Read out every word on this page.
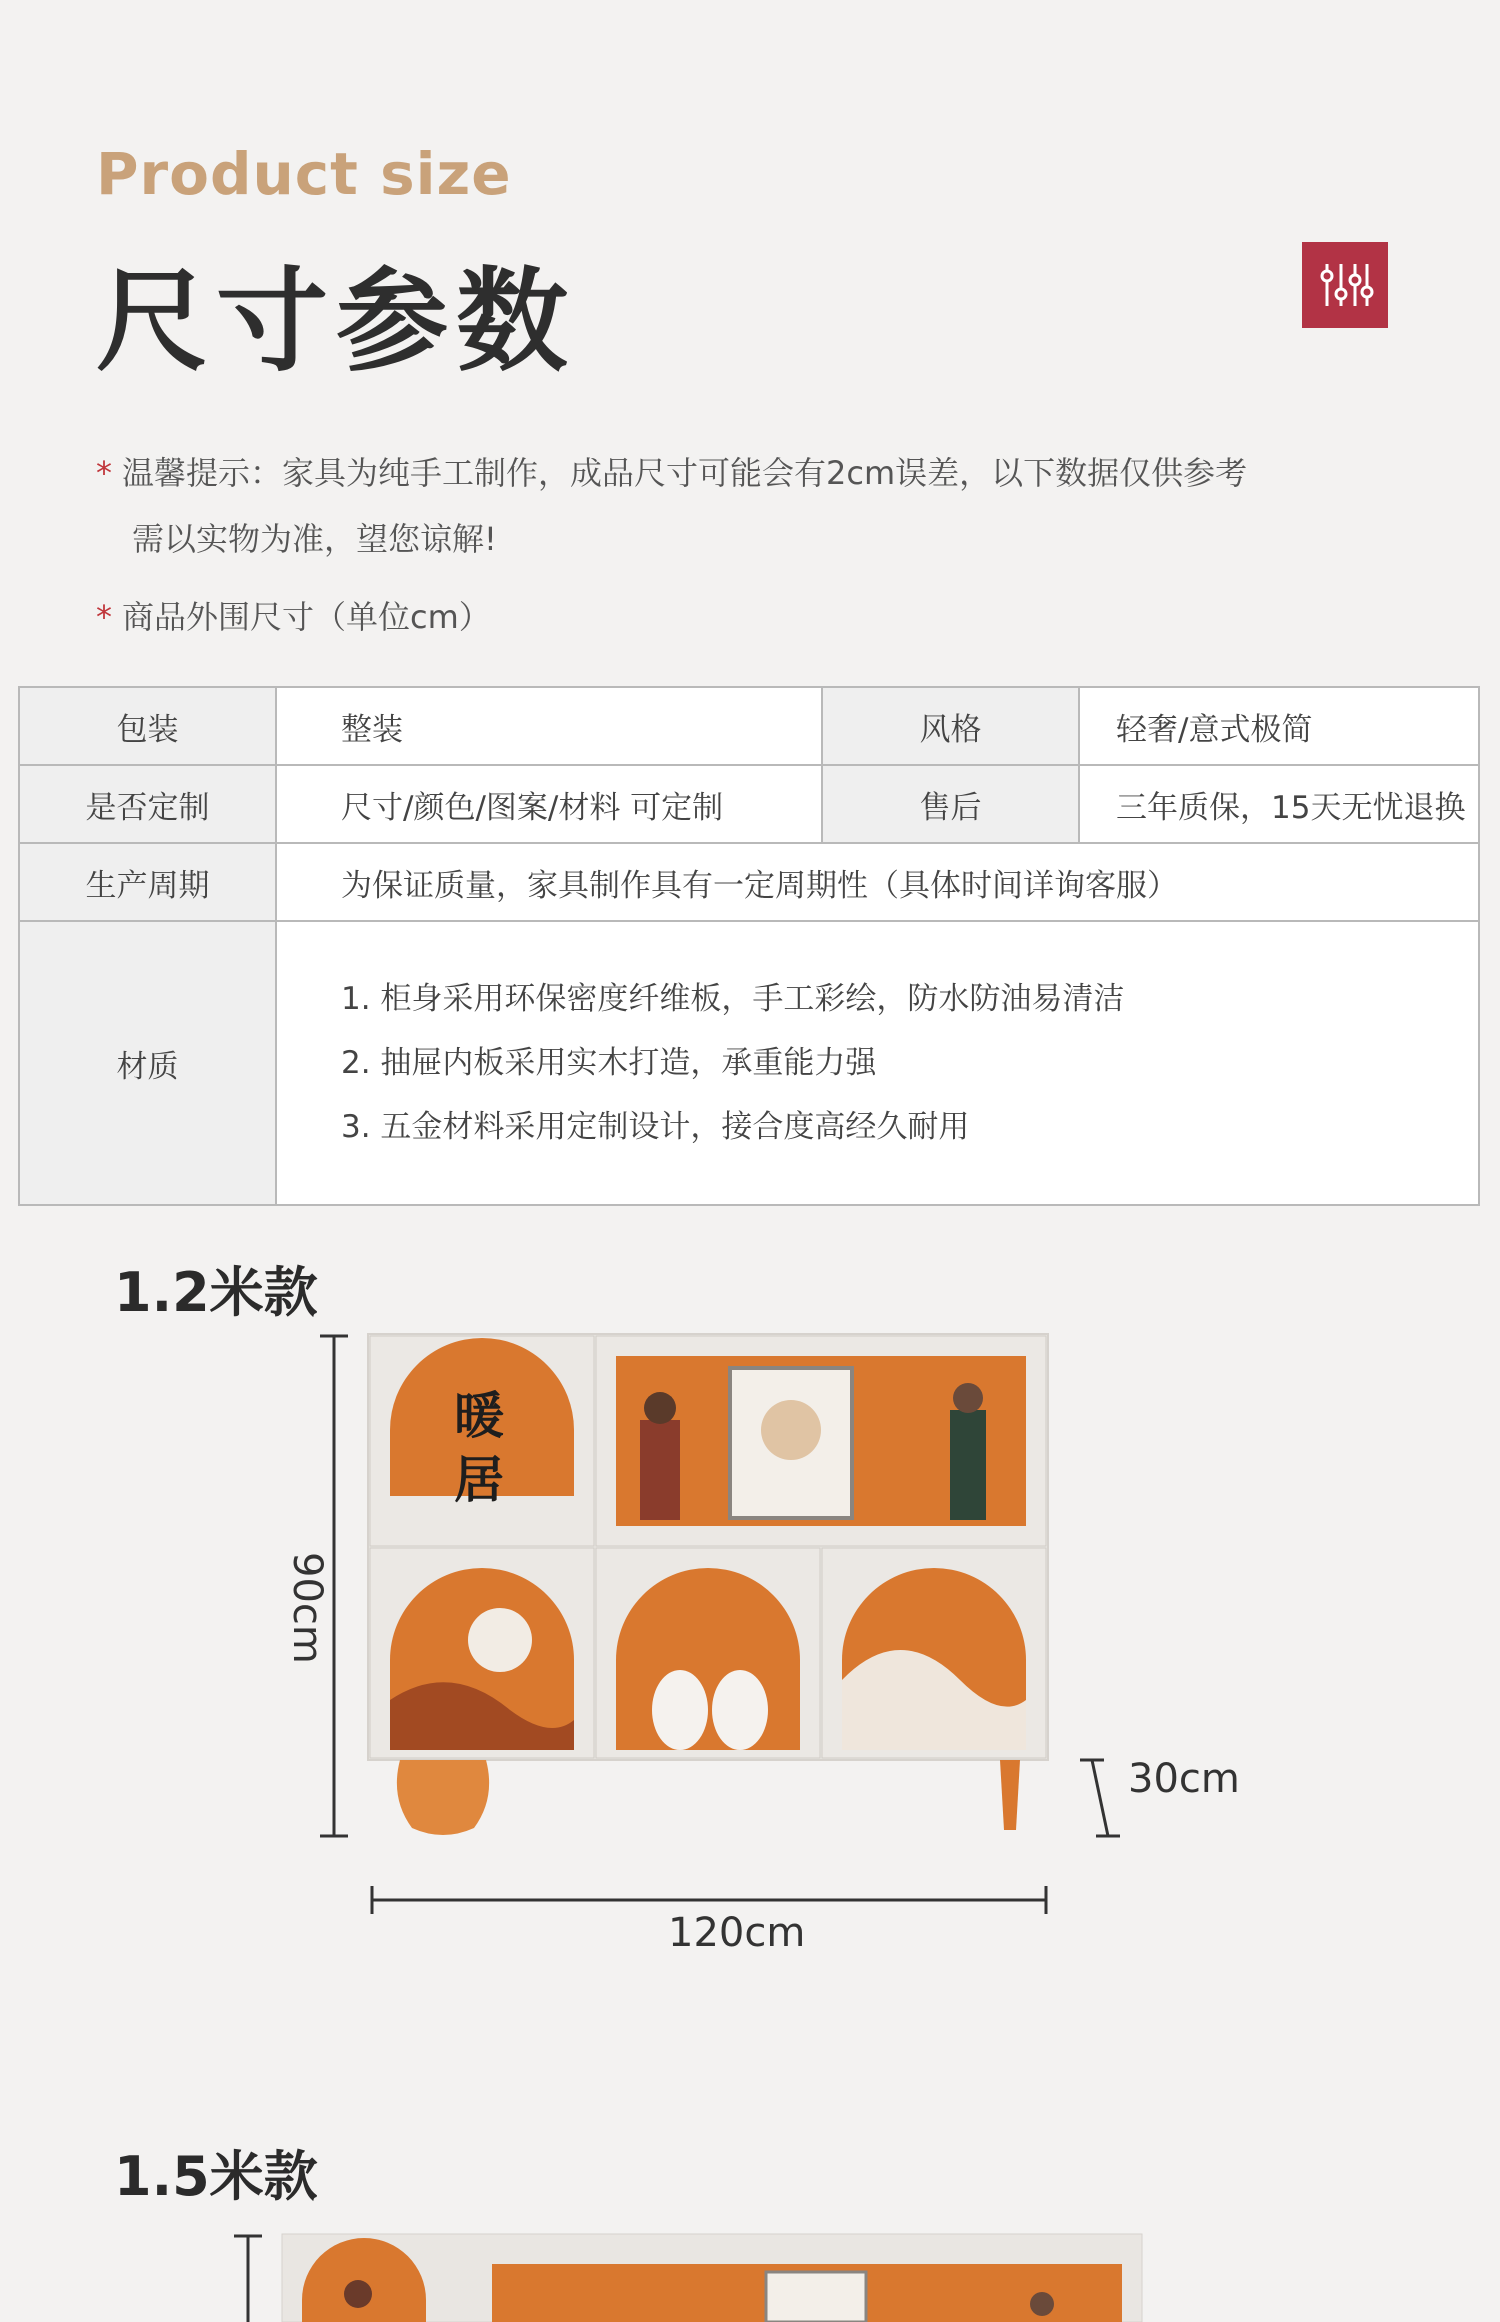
Product size
尺寸参数
* 温馨提示：家具为纯手工制作，成品尺寸可能会有2cm误差，以下数据仅供参考
需以实物为准，望您谅解!
* 商品外围尺寸（单位cm）
包装	整装	风格	轻奢/意式极简
是否定制	尺寸/颜色/图案/材料 可定制	售后	三年质保，15天无忧退换
生产周期	为保证质量，家具制作具有一定周期性（具体时间详询客服）		
材质	1. 柜身采用环保密度纤维板，手工彩绘，防水防油易清洁
2. 抽屉内板采用实木打造，承重能力强
3. 五金材料采用定制设计，接合度高经久耐用		
1.2米款
暖
居
90cm
30cm
120cm
1.5米款
